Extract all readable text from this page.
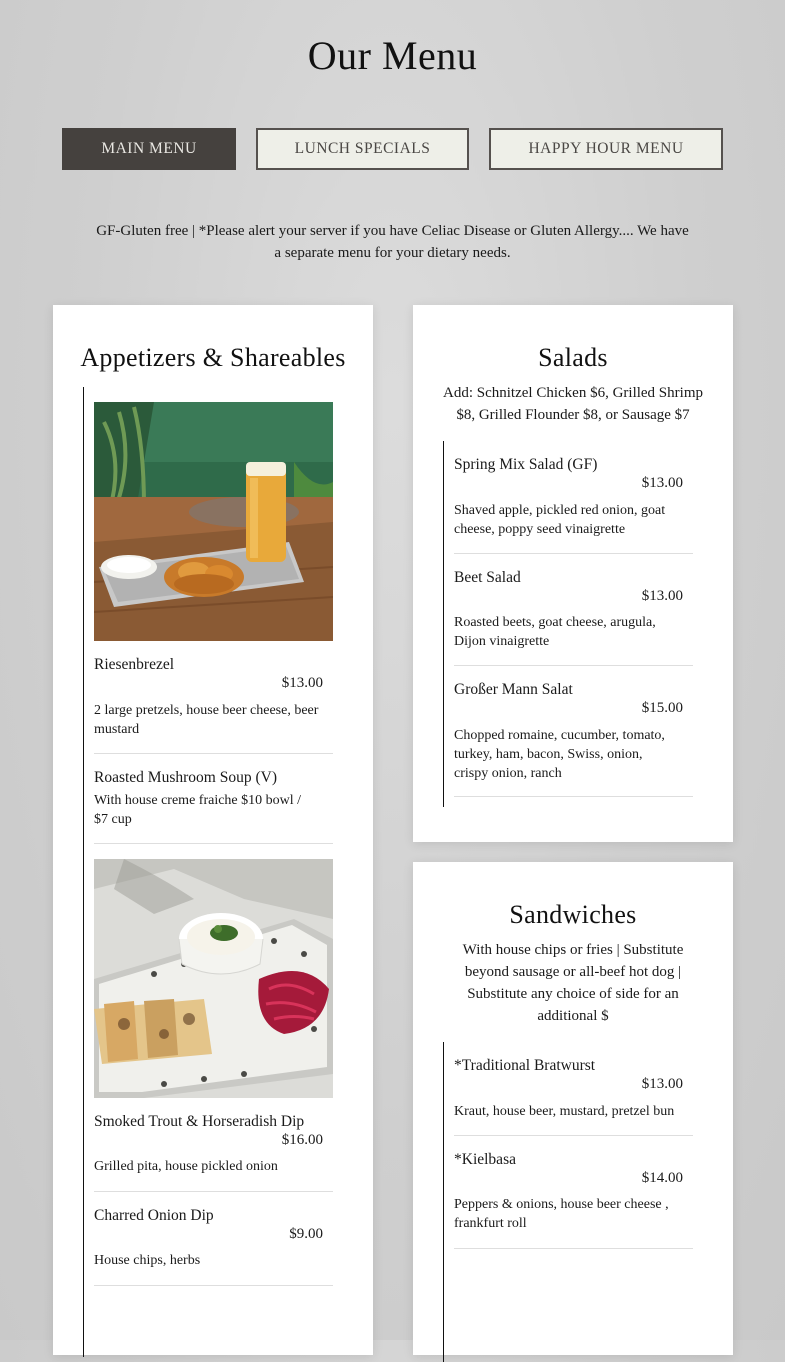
Our Menu
MAIN MENU	LUNCH SPECIALS	HAPPY HOUR MENU
GF-Gluten free | *Please alert your server if you have Celiac Disease or Gluten Allergy.... We have a separate menu for your dietary needs.
Appetizers & Shareables
Riesenbrezel
$13.00
2 large pretzels, house beer cheese, beer mustard
Roasted Mushroom Soup (V)
With house creme fraiche $10 bowl / $7 cup
Smoked Trout & Horseradish Dip
$16.00
Grilled pita, house pickled onion
Charred Onion Dip
$9.00
House chips, herbs
Salads
Add: Schnitzel Chicken $6, Grilled Shrimp $8, Grilled Flounder $8, or Sausage $7
Spring Mix Salad (GF)
$13.00
Shaved apple, pickled red onion, goat cheese, poppy seed vinaigrette
Beet Salad
$13.00
Roasted beets, goat cheese, arugula, Dijon vinaigrette
Großer Mann Salat
$15.00
Chopped romaine, cucumber, tomato, turkey, ham, bacon, Swiss, onion, crispy onion, ranch
Sandwiches
With house chips or fries | Substitute beyond sausage or all-beef hot dog | Substitute any choice of side for an additional $
*Traditional Bratwurst
$13.00
Kraut, house beer, mustard, pretzel bun
*Kielbasa
$14.00
Peppers & onions, house beer cheese , frankfurt roll
